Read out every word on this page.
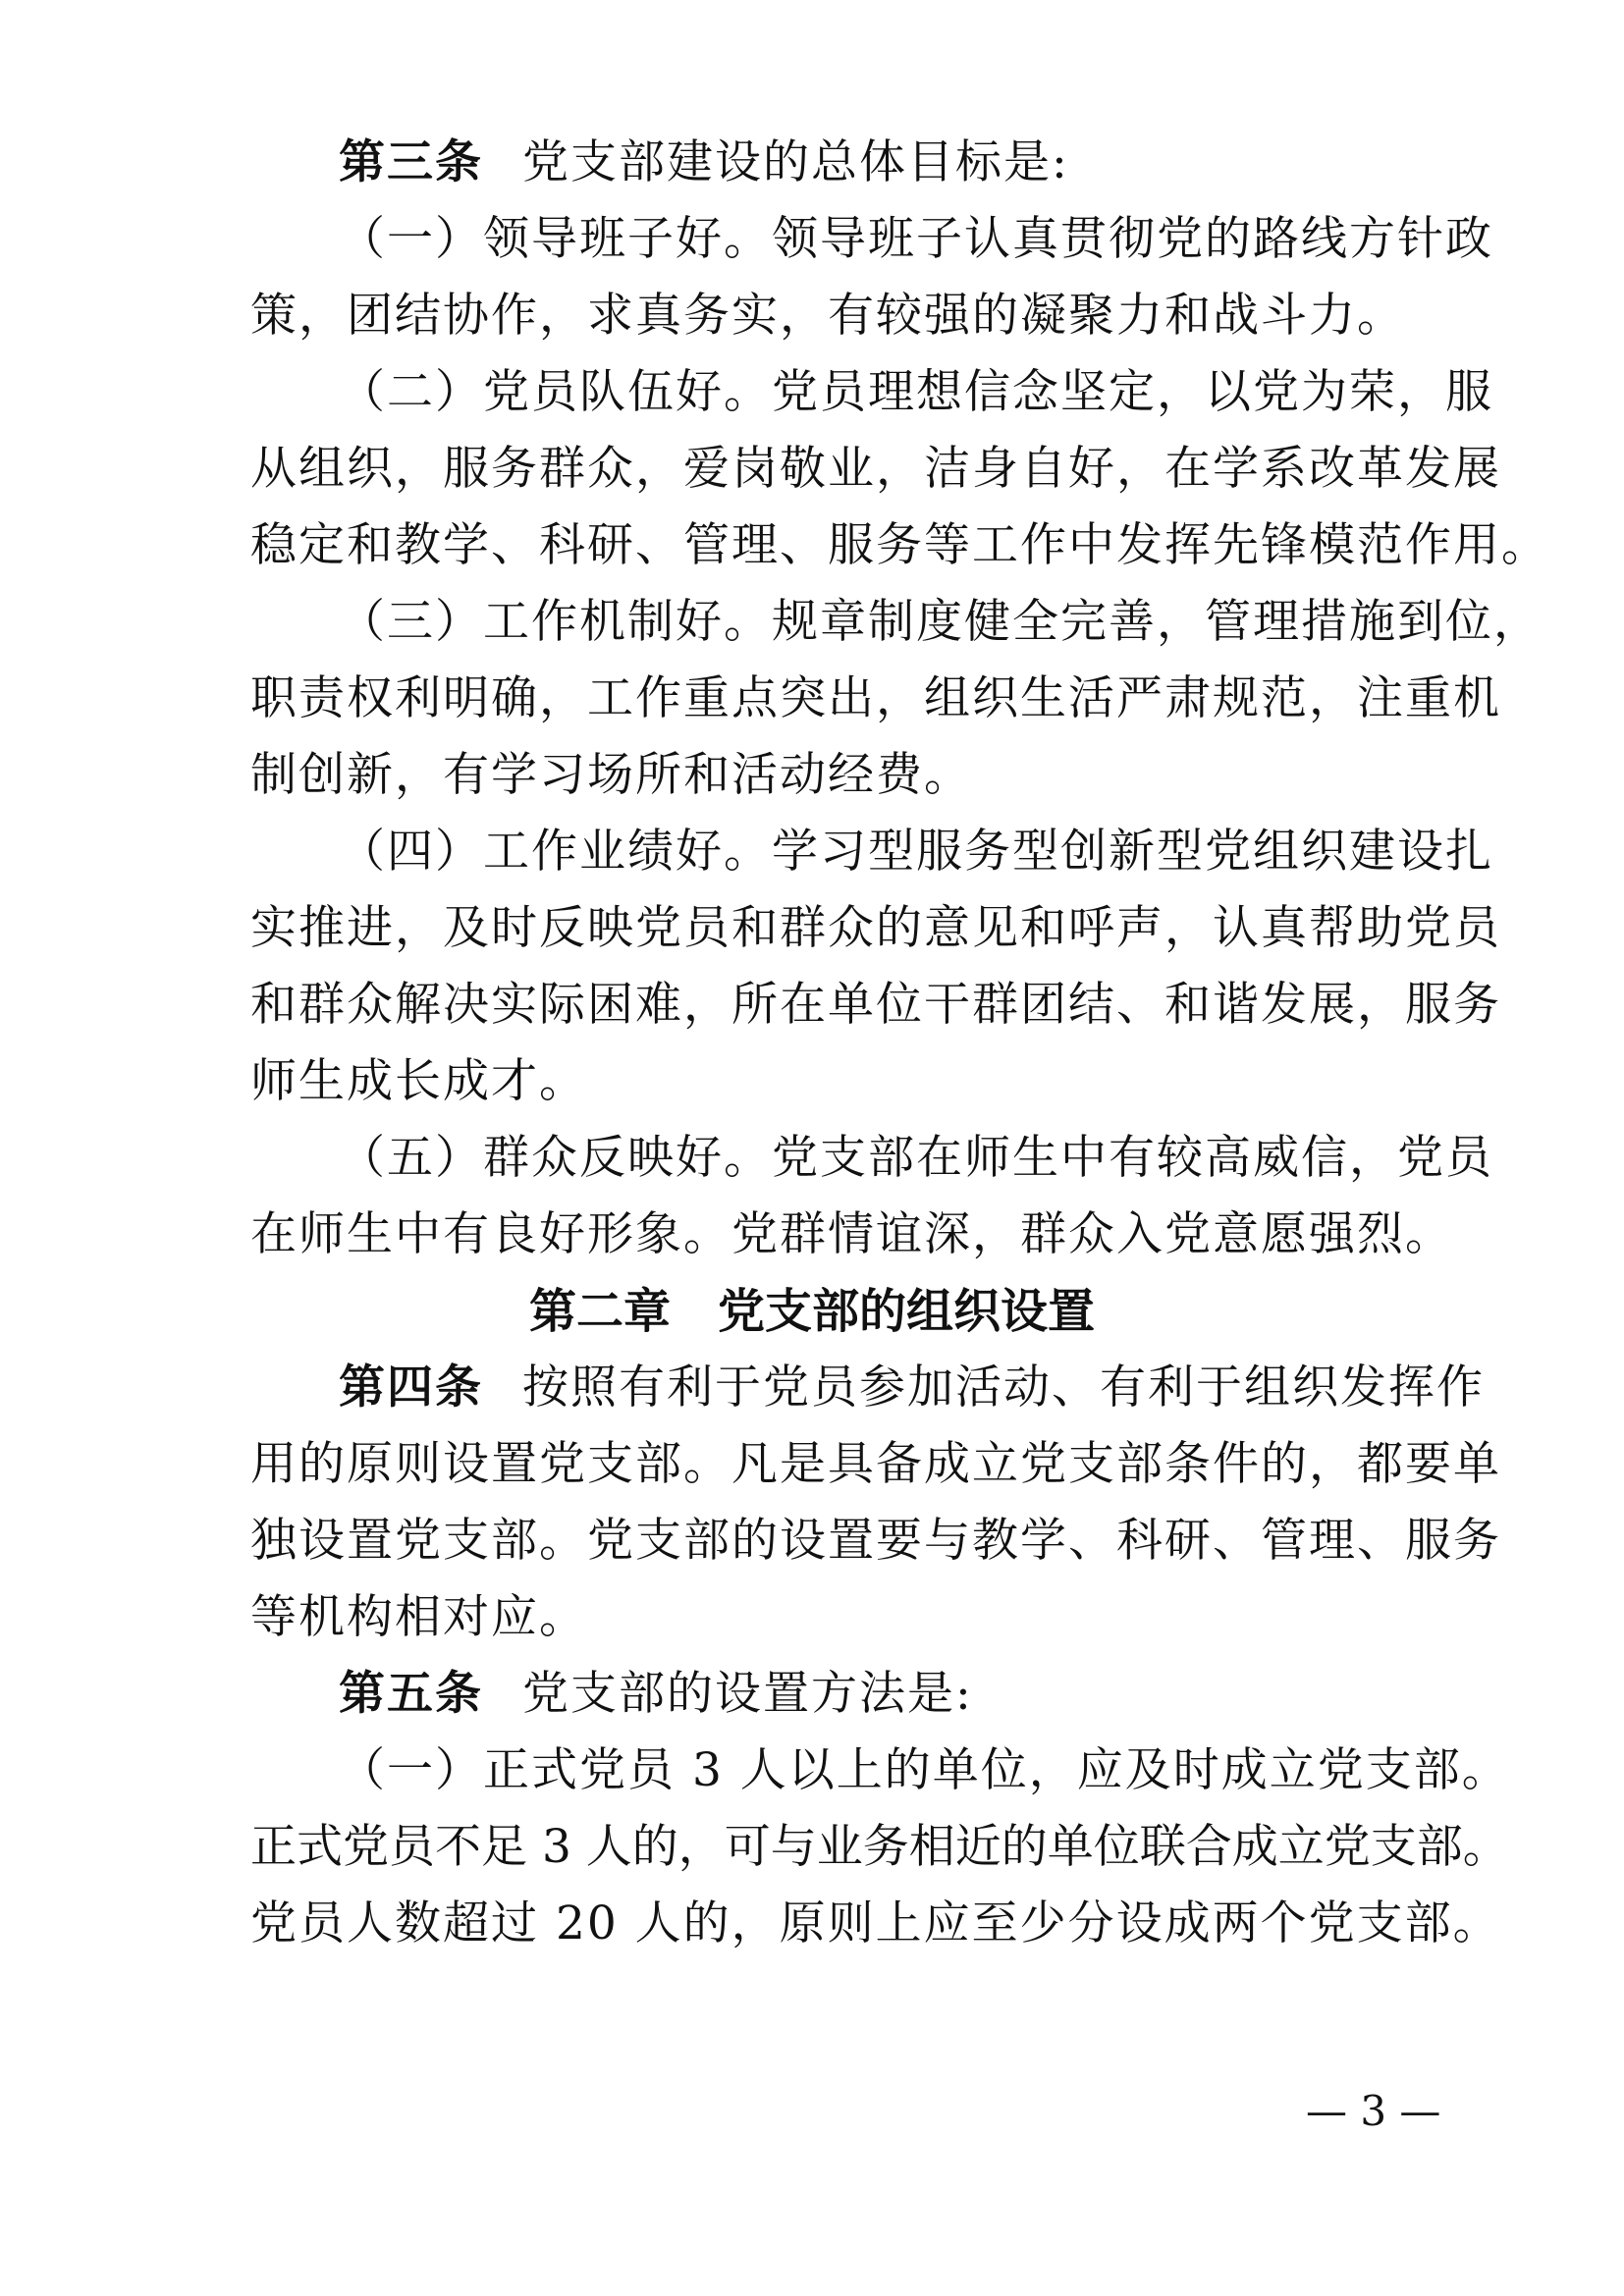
第三条 党支部建设的总体目标是:
（一）领导班子好。领导班子认真贯彻党的路线方针政
策，团结协作，求真务实，有较强的凝聚力和战斗力。
（二）党员队伍好。党员理想信念坚定，以党为荣，服
从组织，服务群众，爱岗敬业，洁身自好，在学系改革发展
稳定和教学、科研、管理、服务等工作中发挥先锋模范作用。
（三）工作机制好。规章制度健全完善，管理措施到位，
职责权利明确，工作重点突出，组织生活严肃规范，注重机
制创新，有学习场所和活动经费。
（四）工作业绩好。学习型服务型创新型党组织建设扎
实推进，及时反映党员和群众的意见和呼声，认真帮助党员
和群众解决实际困难，所在单位干群团结、和谐发展，服务
师生成长成才。
（五）群众反映好。党支部在师生中有较高威信，党员
在师生中有良好形象。党群情谊深，群众入党意愿强烈。
第二章　党支部的组织设置
第四条 按照有利于党员参加活动、有利于组织发挥作
用的原则设置党支部。凡是具备成立党支部条件的，都要单
独设置党支部。党支部的设置要与教学、科研、管理、服务
等机构相对应。
第五条 党支部的设置方法是:
（一）正式党员 3 人以上的单位，应及时成立党支部。
正式党员不足 3 人的，可与业务相近的单位联合成立党支部。
党员人数超过 20 人的，原则上应至少分设成两个党支部。
— 3 —
